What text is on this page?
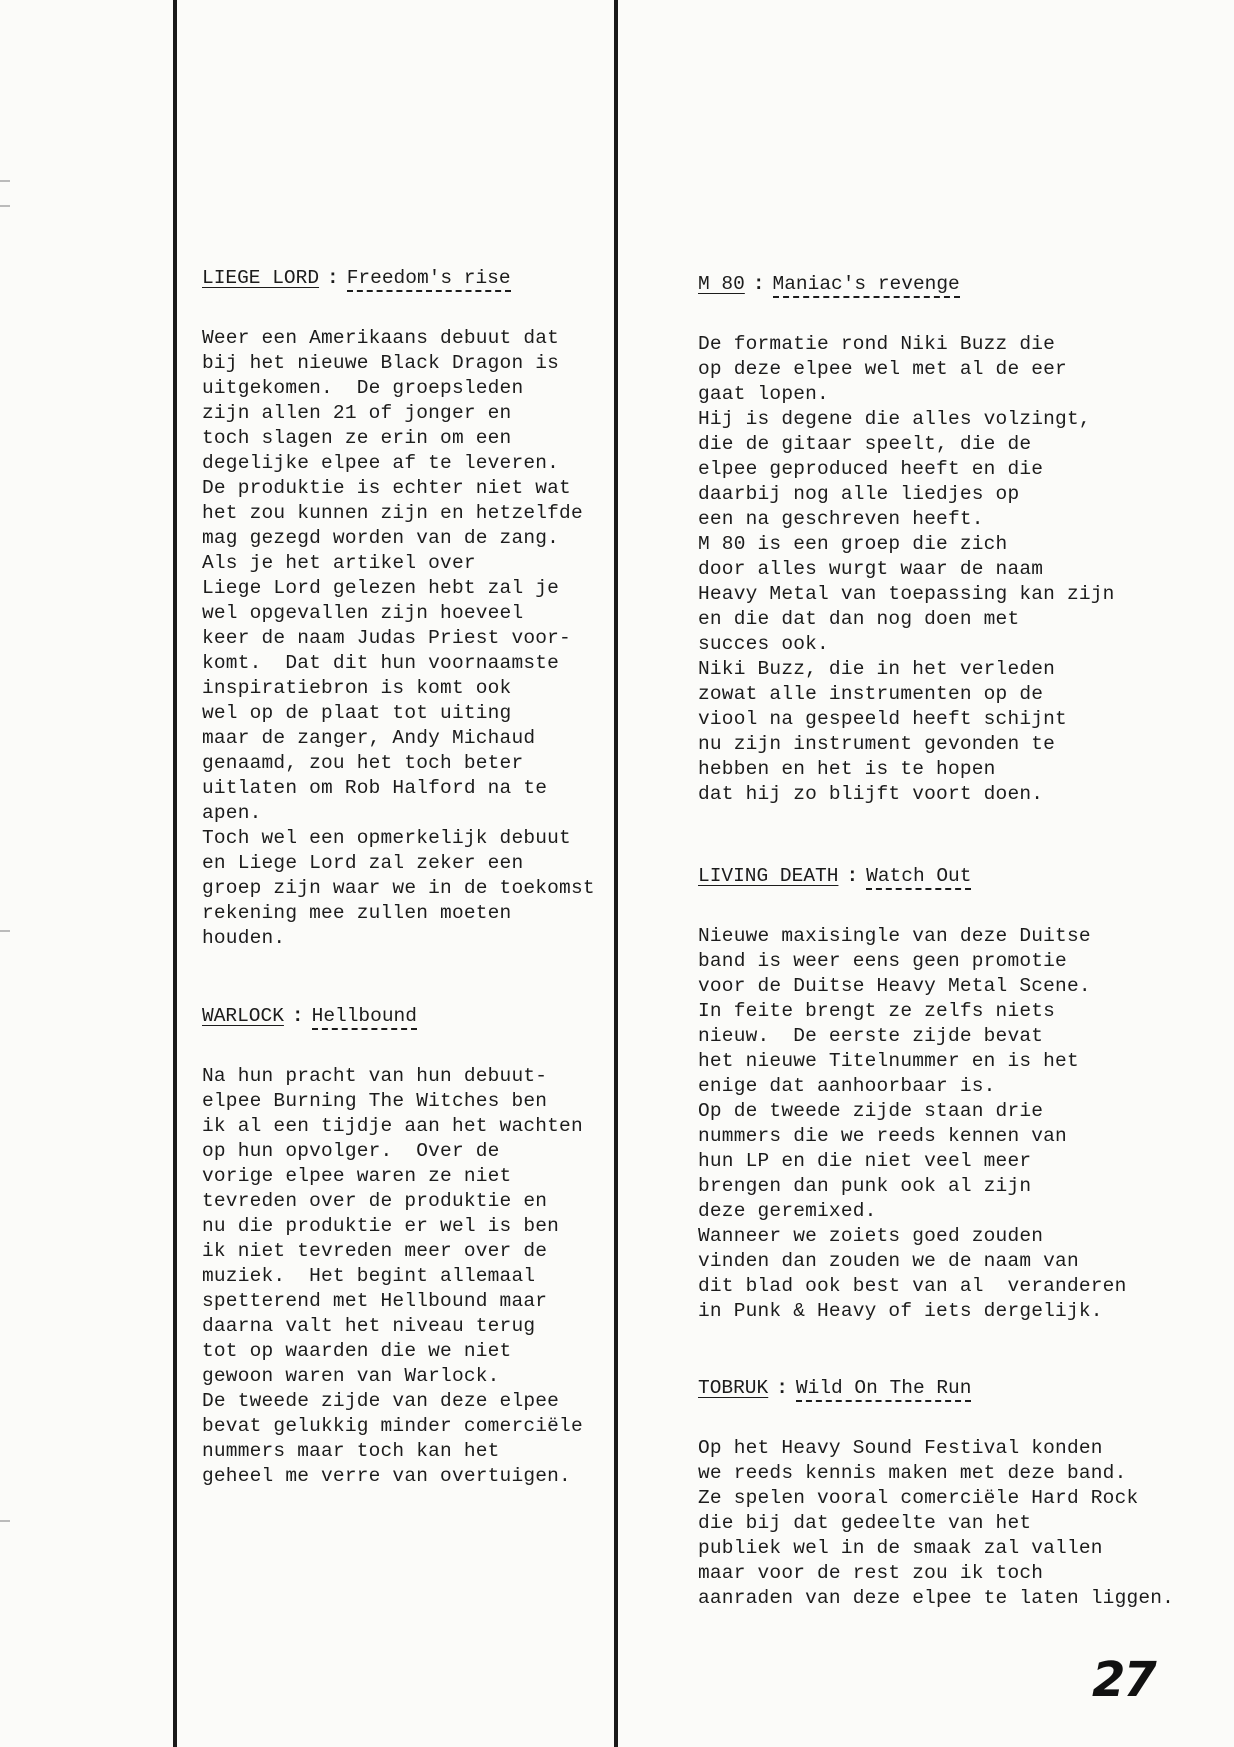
LIEGE LORD : Freedom's rise
Weer een Amerikaans debuut dat
bij het nieuwe Black Dragon is
uitgekomen.  De groepsleden
zijn allen 21 of jonger en
toch slagen ze erin om een
degelijke elpee af te leveren.
De produktie is echter niet wat
het zou kunnen zijn en hetzelfde
mag gezegd worden van de zang.
Als je het artikel over
Liege Lord gelezen hebt zal je
wel opgevallen zijn hoeveel
keer de naam Judas Priest voor-
komt.  Dat dit hun voornaamste
inspiratiebron is komt ook
wel op de plaat tot uiting
maar de zanger, Andy Michaud
genaamd, zou het toch beter
uitlaten om Rob Halford na te
apen.
Toch wel een opmerkelijk debuut
en Liege Lord zal zeker een
groep zijn waar we in de toekomst
rekening mee zullen moeten
houden.
WARLOCK : Hellbound
Na hun pracht van hun debuut-
elpee Burning The Witches ben
ik al een tijdje aan het wachten
op hun opvolger.  Over de
vorige elpee waren ze niet
tevreden over de produktie en
nu die produktie er wel is ben
ik niet tevreden meer over de
muziek.  Het begint allemaal
spetterend met Hellbound maar
daarna valt het niveau terug
tot op waarden die we niet
gewoon waren van Warlock.
De tweede zijde van deze elpee
bevat gelukkig minder comerciële
nummers maar toch kan het
geheel me verre van overtuigen.
M 80 : Maniac's revenge
De formatie rond Niki Buzz die
op deze elpee wel met al de eer
gaat lopen.
Hij is degene die alles volzingt,
die de gitaar speelt, die de
elpee geproduced heeft en die
daarbij nog alle liedjes op
een na geschreven heeft.
M 80 is een groep die zich
door alles wurgt waar de naam
Heavy Metal van toepassing kan zijn
en die dat dan nog doen met
succes ook.
Niki Buzz, die in het verleden
zowat alle instrumenten op de
viool na gespeeld heeft schijnt
nu zijn instrument gevonden te
hebben en het is te hopen
dat hij zo blijft voort doen.
LIVING DEATH : Watch Out
Nieuwe maxisingle van deze Duitse
band is weer eens geen promotie
voor de Duitse Heavy Metal Scene.
In feite brengt ze zelfs niets
nieuw.  De eerste zijde bevat
het nieuwe Titelnummer en is het
enige dat aanhoorbaar is.
Op de tweede zijde staan drie
nummers die we reeds kennen van
hun LP en die niet veel meer
brengen dan punk ook al zijn
deze geremixed.
Wanneer we zoiets goed zouden
vinden dan zouden we de naam van
dit blad ook best van al  veranderen
in Punk & Heavy of iets dergelijk.
TOBRUK : Wild On The Run
Op het Heavy Sound Festival konden
we reeds kennis maken met deze band.
Ze spelen vooral comerciële Hard Rock
die bij dat gedeelte van het
publiek wel in de smaak zal vallen
maar voor de rest zou ik toch
aanraden van deze elpee te laten liggen.
27
